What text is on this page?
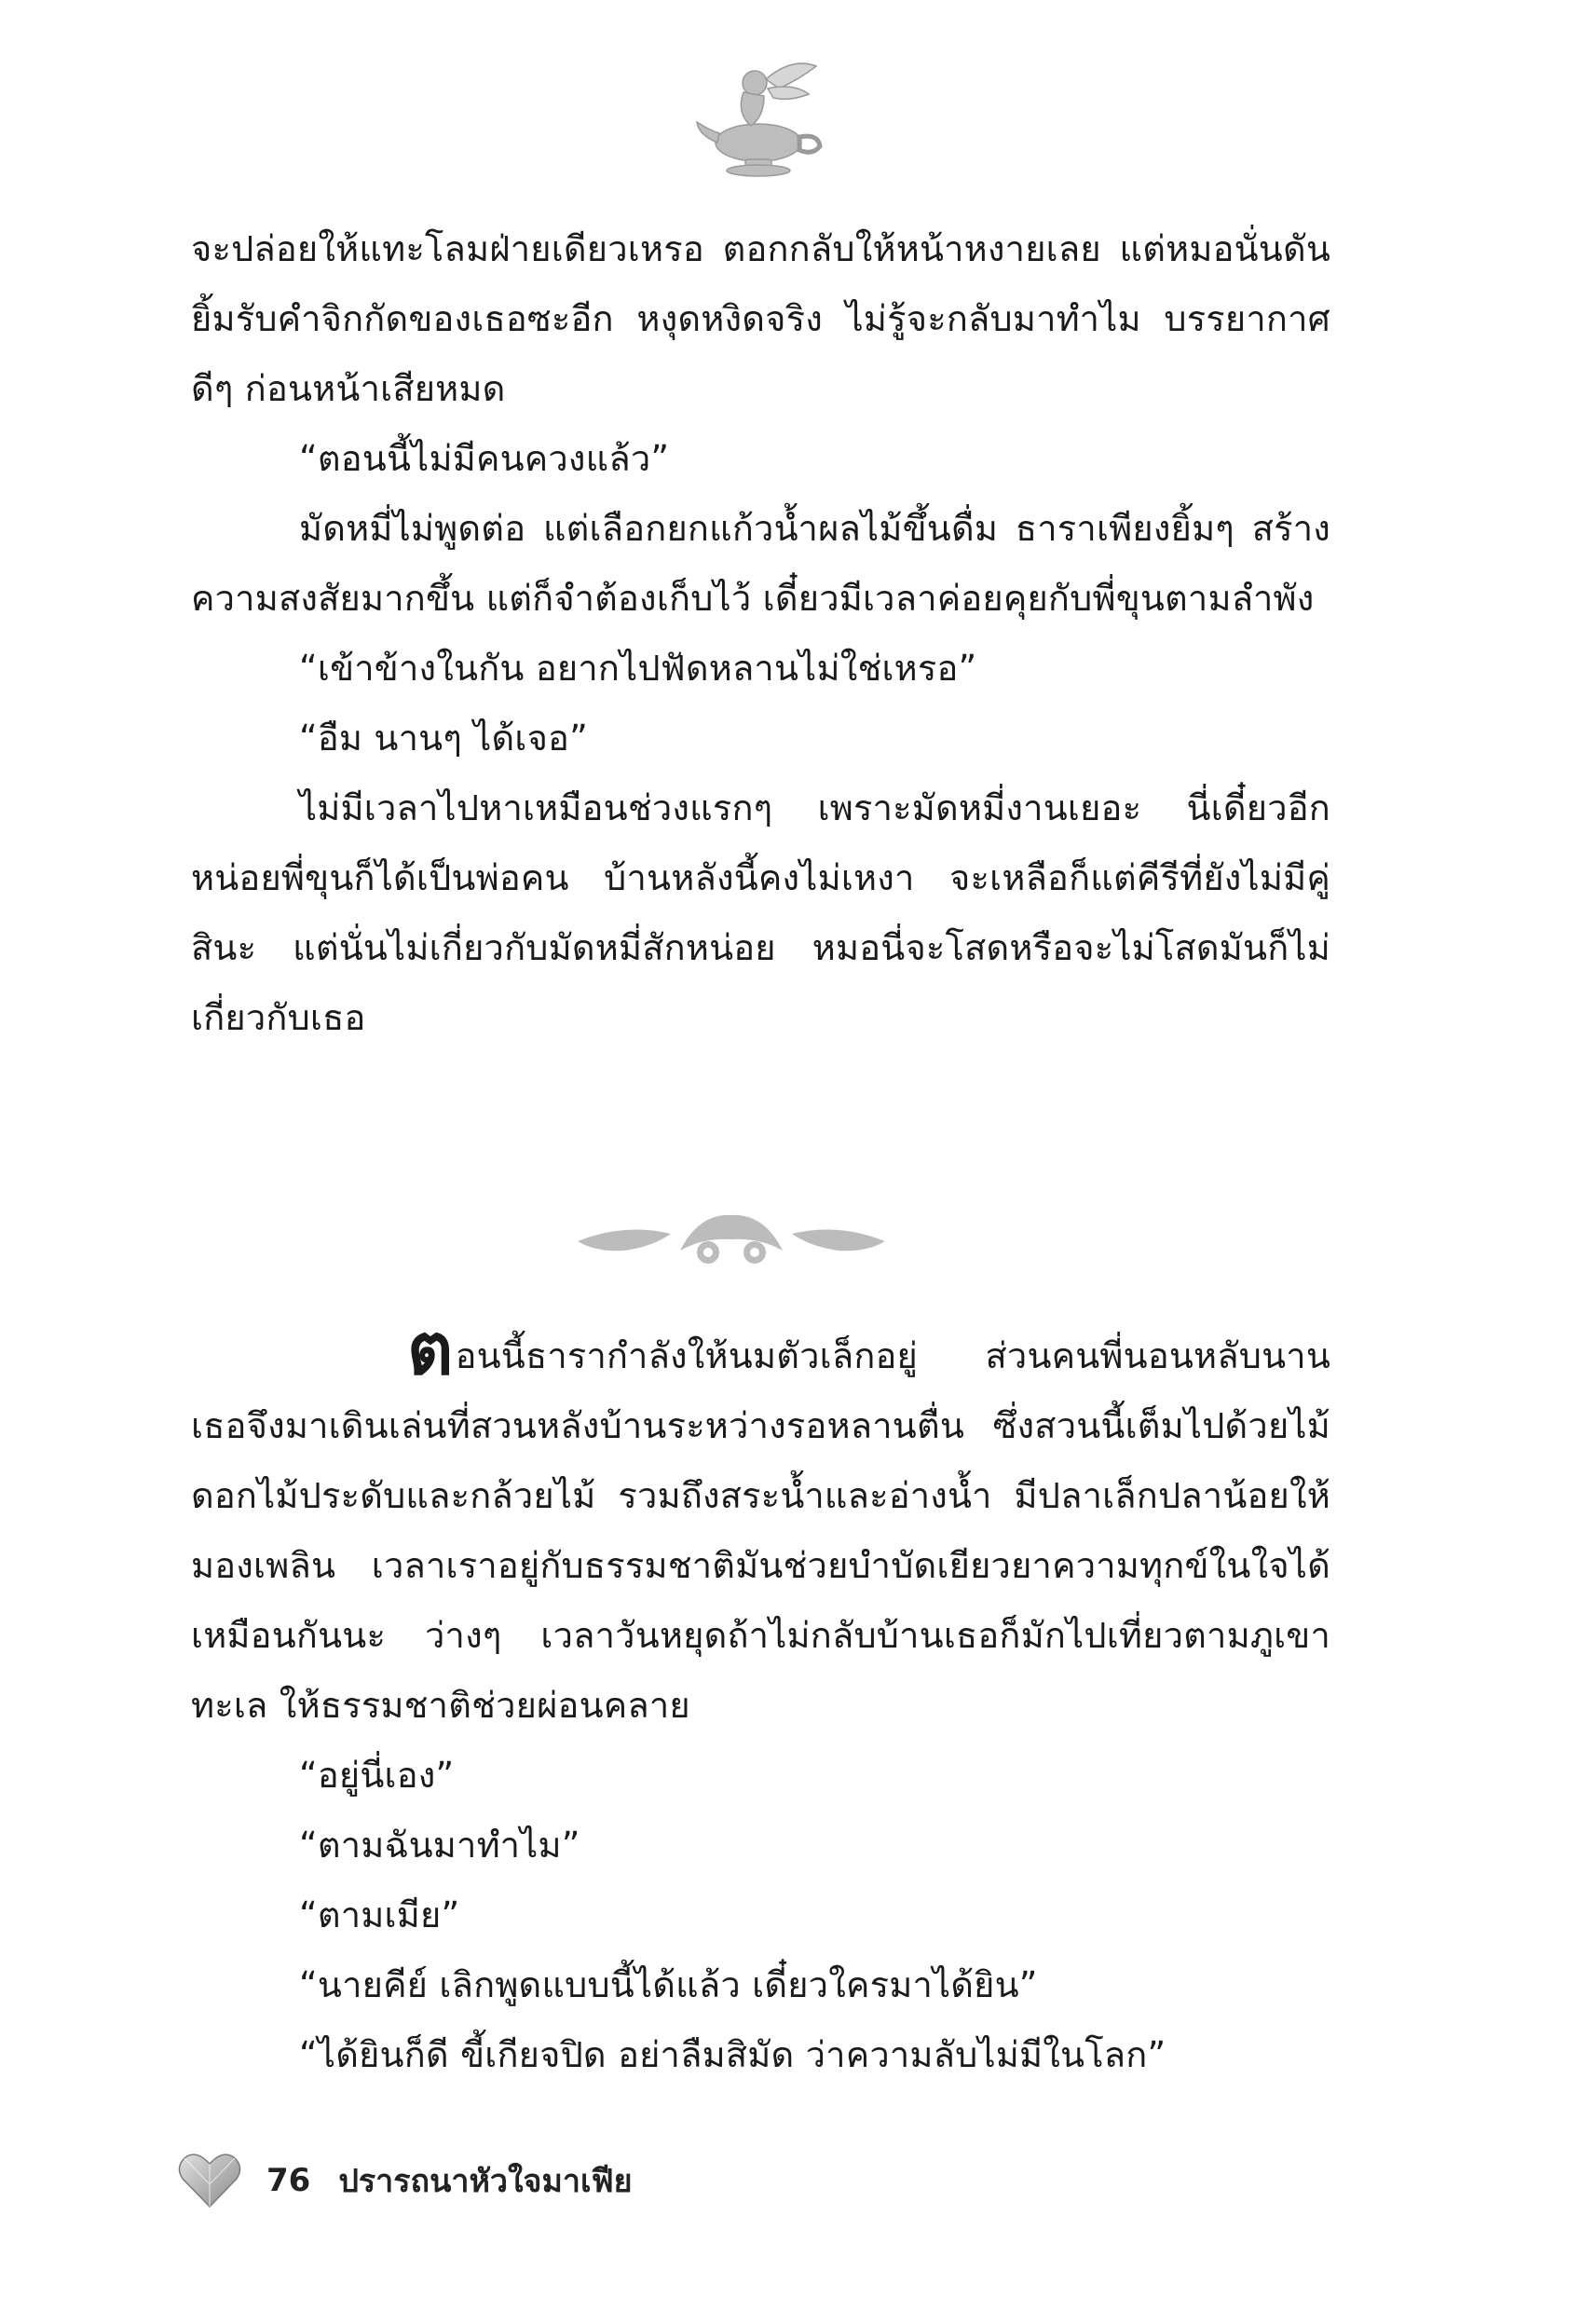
จะปล่อยให้แทะโลมฝ่ายเดียวเหรอ ตอกกลับให้หน้าหงายเลย แต่หมอนั่นดันยิ้มรับคำจิกกัดของเธอซะอีก หงุดหงิดจริง ไม่รู้จะกลับมาทำไม บรรยากาศดีๆ ก่อนหน้าเสียหมด

“ตอนนี้ไม่มีคนควงแล้ว”

มัดหมี่ไม่พูดต่อ แต่เลือกยกแก้วน้ำผลไม้ขึ้นดื่ม ธาราเพียงยิ้มๆ สร้างความสงสัยมากขึ้น แต่ก็จำต้องเก็บไว้ เดี๋ยวมีเวลาค่อยคุยกับพี่ขุนตามลำพัง

“เข้าข้างในกัน อยากไปฟัดหลานไม่ใช่เหรอ”

“อืม นานๆ ได้เจอ”

ไม่มีเวลาไปหาเหมือนช่วงแรกๆ เพราะมัดหมี่งานเยอะ นี่เดี๋ยวอีกหน่อยพี่ขุนก็ได้เป็นพ่อคน บ้านหลังนี้คงไม่เหงา จะเหลือก็แต่คีรีที่ยังไม่มีคู่สินะ แต่นั่นไม่เกี่ยวกับมัดหมี่สักหน่อย หมอนี่จะโสดหรือจะไม่โสดมันก็ไม่เกี่ยวกับเธอ

ตอนนี้ธารากำลังให้นมตัวเล็กอยู่ ส่วนคนพี่นอนหลับนาน เธอจึงมาเดินเล่นที่สวนหลังบ้านระหว่างรอหลานตื่น ซึ่งสวนนี้เต็มไปด้วยไม้ดอกไม้ประดับและกล้วยไม้ รวมถึงสระน้ำและอ่างน้ำ มีปลาเล็กปลาน้อยให้มองเพลิน เวลาเราอยู่กับธรรมชาติมันช่วยบำบัดเยียวยาความทุกข์ในใจได้เหมือนกันนะ ว่างๆ เวลาวันหยุดถ้าไม่กลับบ้านเธอก็มักไปเที่ยวตามภูเขา ทะเล ให้ธรรมชาติช่วยผ่อนคลาย

“อยู่นี่เอง”

“ตามฉันมาทำไม”

“ตามเมีย”

“นายคีย์ เลิกพูดแบบนี้ได้แล้ว เดี๋ยวใครมาได้ยิน”

“ได้ยินก็ดี ขี้เกียจปิด อย่าลืมสิมัด ว่าความลับไม่มีในโลก”

76 ปรารถนาหัวใจมาเฟีย
